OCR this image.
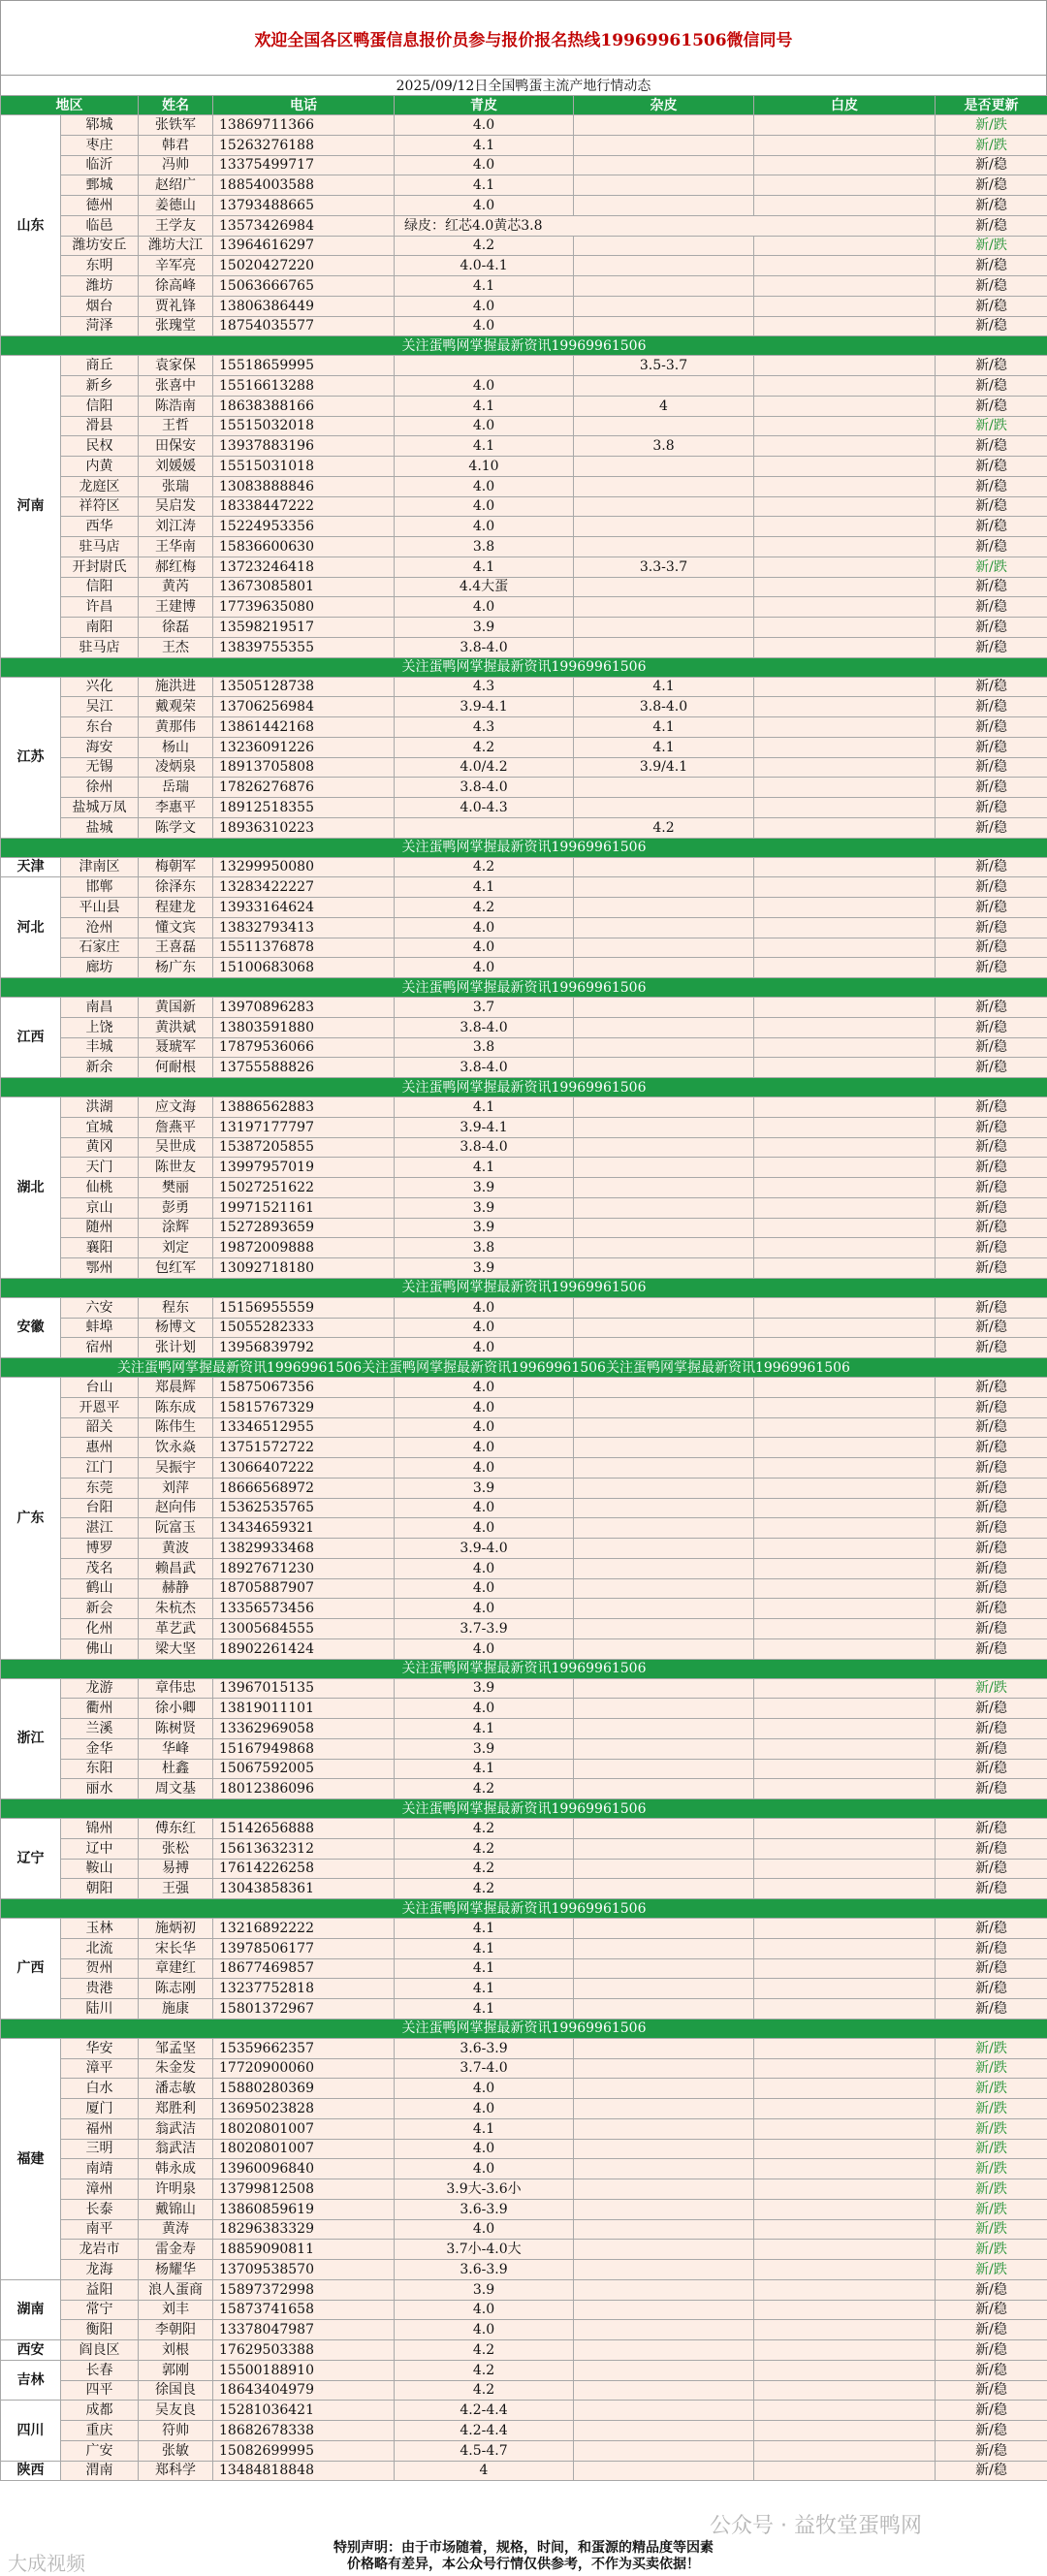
欢迎全国各区鸭蛋信息报价员参与报价报名热线19969961506微信同号
2025/09/12日全国鸭蛋主流产地行情动态
地区		姓名	电话	青皮	杂皮	白皮	是否更新
山东	郓城	张铁军	13869711366	4.0			新/跌
	枣庄	韩君	15263276188	4.1			新/跌
	临沂	冯帅	13375499717	4.0			新/稳
	鄄城	赵绍广	18854003588	4.1			新/稳
	德州	姜德山	13793488665	4.0			新/稳
	临邑	王学友	13573426984	绿皮：红芯4.0黄芯3.8			新/稳
	潍坊安丘	潍坊大江	13964616297	4.2			新/跌
	东明	辛军亮	15020427220	4.0-4.1			新/稳
	潍坊	徐高峰	15063666765	4.1			新/稳
	烟台	贾礼锋	13806386449	4.0			新/稳
	菏泽	张瑰堂	18754035577	4.0			新/稳
关注蛋鸭网掌握最新资讯19969961506							
河南	商丘	袁家保	15518659995		3.5-3.7		新/稳
	新乡	张喜中	15516613288	4.0			新/稳
	信阳	陈浩南	18638388166	4.1	4		新/稳
	滑县	王哲	15515032018	4.0			新/跌
	民权	田保安	13937883196	4.1	3.8		新/稳
	内黄	刘媛媛	15515031018	4.10			新/稳
	龙庭区	张瑞	13083888846	4.0			新/稳
	祥符区	吴启发	18338447222	4.0			新/稳
	西华	刘江涛	15224953356	4.0			新/稳
	驻马店	王华南	15836600630	3.8			新/稳
	开封尉氏	郝红梅	13723246418	4.1	3.3-3.7		新/跌
	信阳	黄芮	13673085801	4.4大蛋			新/稳
	许昌	王建博	17739635080	4.0			新/稳
	南阳	徐磊	13598219517	3.9			新/稳
	驻马店	王杰	13839755355	3.8-4.0			新/稳
关注蛋鸭网掌握最新资讯19969961506							
江苏	兴化	施洪进	13505128738	4.3	4.1		新/稳
	吴江	戴观荣	13706256984	3.9-4.1	3.8-4.0		新/稳
	东台	黄那伟	13861442168	4.3	4.1		新/稳
	海安	杨山	13236091226	4.2	4.1		新/稳
	无锡	凌炳泉	18913705808	4.0/4.2	3.9/4.1		新/稳
	徐州	岳瑞	17826276876	3.8-4.0			新/稳
	盐城万凤	李惠平	18912518355	4.0-4.3			新/稳
	盐城	陈学文	18936310223		4.2		新/稳
关注蛋鸭网掌握最新资讯19969961506							
天津	津南区	梅朝军	13299950080	4.2			新/稳
河北	邯郸	徐泽东	13283422227	4.1			新/稳
	平山县	程建龙	13933164624	4.2			新/稳
	沧州	懂文宾	13832793413	4.0			新/稳
	石家庄	王喜磊	15511376878	4.0			新/稳
	廊坊	杨广东	15100683068	4.0			新/稳
关注蛋鸭网掌握最新资讯19969961506							
江西	南昌	黄国新	13970896283	3.7			新/稳
	上饶	黄洪斌	13803591880	3.8-4.0			新/稳
	丰城	聂琥军	17879536066	3.8			新/稳
	新余	何耐根	13755588826	3.8-4.0			新/稳
关注蛋鸭网掌握最新资讯19969961506							
湖北	洪湖	应文海	13886562883	4.1			新/稳
	宜城	詹燕平	13197177797	3.9-4.1			新/稳
	黄冈	吴世成	15387205855	3.8-4.0			新/稳
	天门	陈世友	13997957019	4.1			新/稳
	仙桃	樊丽	15027251622	3.9			新/稳
	京山	彭勇	19971521161	3.9			新/稳
	随州	涂辉	15272893659	3.9			新/稳
	襄阳	刘定	19872009888	3.8			新/稳
	鄂州	包红军	13092718180	3.9			新/稳
关注蛋鸭网掌握最新资讯19969961506							
安徽	六安	程东	15156955559	4.0			新/稳
	蚌埠	杨博文	15055282333	4.0			新/稳
	宿州	张计划	13956839792	4.0			新/稳
关注蛋鸭网掌握最新资讯19969961506关注蛋鸭网掌握最新资讯19969961506关注蛋鸭网掌握最新资讯19969961506							
广东	台山	郑晨辉	15875067356	4.0			新/稳
	开恩平	陈东成	15815767329	4.0			新/稳
	韶关	陈伟生	13346512955	4.0			新/稳
	惠州	饮永焱	13751572722	4.0			新/稳
	江门	吴振宇	13066407222	4.0			新/稳
	东莞	刘萍	18666568972	3.9			新/稳
	台阳	赵向伟	15362535765	4.0			新/稳
	湛江	阮富玉	13434659321	4.0			新/稳
	博罗	黄波	13829933468	3.9-4.0			新/稳
	茂名	赖昌武	18927671230	4.0			新/稳
	鹤山	赫静	18705887907	4.0			新/稳
	新会	朱杭杰	13356573456	4.0			新/稳
	化州	革艺武	13005684555	3.7-3.9			新/稳
	佛山	梁大坚	18902261424	4.0			新/稳
关注蛋鸭网掌握最新资讯19969961506							
浙江	龙游	章伟忠	13967015135	3.9			新/跌
	衢州	徐小卿	13819011101	4.0			新/稳
	兰溪	陈树贤	13362969058	4.1			新/稳
	金华	华峰	15167949868	3.9			新/稳
	东阳	杜鑫	15067592005	4.1			新/稳
	丽水	周文基	18012386096	4.2			新/稳
关注蛋鸭网掌握最新资讯19969961506							
辽宁	锦州	傅东红	15142656888	4.2			新/稳
	辽中	张松	15613632312	4.2			新/稳
	鞍山	易搏	17614226258	4.2			新/稳
	朝阳	王强	13043858361	4.2			新/稳
关注蛋鸭网掌握最新资讯19969961506							
广西	玉林	施炳初	13216892222	4.1			新/稳
	北流	宋长华	13978506177	4.1			新/稳
	贺州	章建红	18677469857	4.1			新/稳
	贵港	陈志刚	13237752818	4.1			新/稳
	陆川	施康	15801372967	4.1			新/稳
关注蛋鸭网掌握最新资讯19969961506							
福建	华安	邹孟坚	15359662357	3.6-3.9			新/跌
	漳平	朱金发	17720900060	3.7-4.0			新/跌
	白水	潘志敏	15880280369	4.0			新/跌
	厦门	郑胜利	13695023828	4.0			新/跌
	福州	翁武洁	18020801007	4.1			新/跌
	三明	翁武洁	18020801007	4.0			新/跌
	南靖	韩永成	13960096840	4.0			新/跌
	漳州	许明泉	13799812508	3.9大-3.6小			新/跌
	长泰	戴锦山	13860859619	3.6-3.9			新/跌
	南平	黄涛	18296383329	4.0			新/跌
	龙岩市	雷金寿	18859090811	3.7小-4.0大			新/跌
	龙海	杨耀华	13709538570	3.6-3.9			新/跌
湖南	益阳	浪人蛋商	15897372998	3.9			新/稳
	常宁	刘丰	15873741658	4.0			新/稳
	衡阳	李朝阳	13378047987	4.0			新/稳
西安	阎良区	刘根	17629503388	4.2			新/稳
吉林	长春	郭刚	15500188910	4.2			新/稳
	四平	徐国良	18643404979	4.2			新/稳
四川	成都	吴友良	15281036421	4.2-4.4			新/稳
	重庆	符帅	18682678338	4.2-4.4			新/稳
	广安	张敏	15082699995	4.5-4.7			新/稳
陕西	渭南	郑科学	13484818848	4			新/稳
特别声明：由于市场随着，规格，时间，和蛋源的精品度等因素
价格略有差异，本公众号行情仅供参考，不作为买卖依据！
公众号 · 益牧堂蛋鸭网
大成视频
